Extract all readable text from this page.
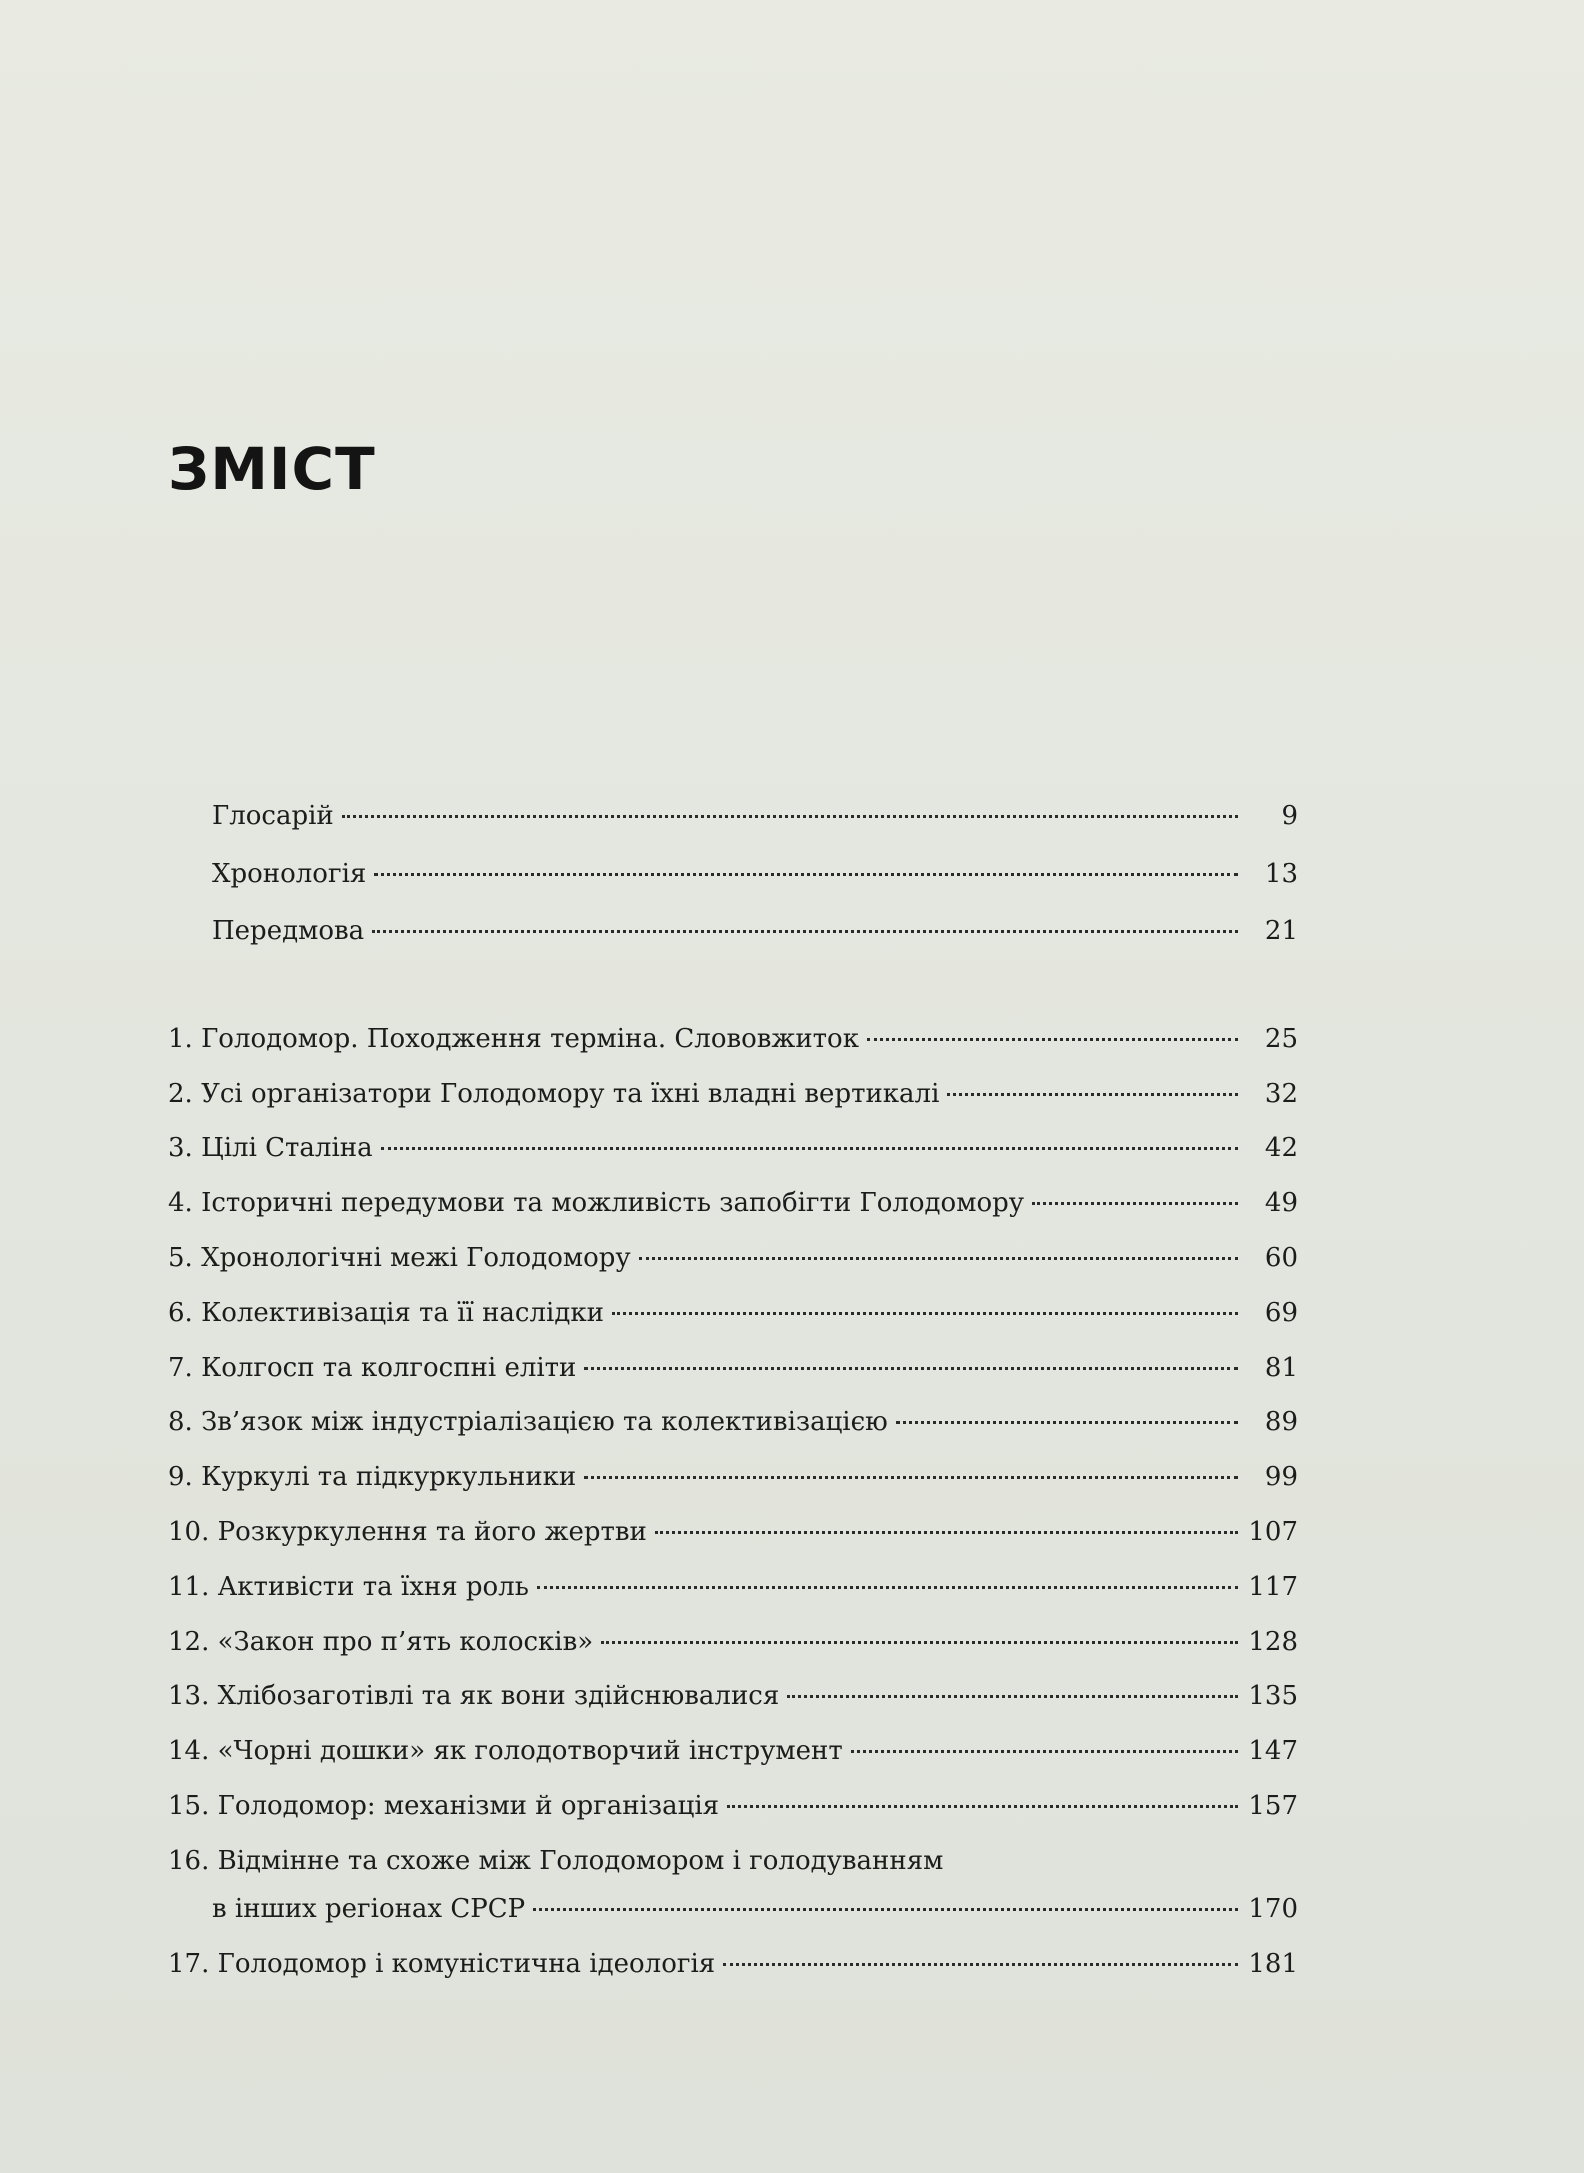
ЗМІСТ
Глосарій	9
Хронологія	13
Передмова	21
1. Голодомор. Походження терміна. Слововжиток	25
2. Усі організатори Голодомору та їхні владні вертикалі	32
3. Цілі Сталіна	42
4. Історичні передумови та можливість запобігти Голодомору	49
5. Хронологічні межі Голодомору	60
6. Колективізація та її наслідки	69
7. Колгосп та колгоспні еліти	81
8. Зв’язок між індустріалізацією та колективізацією	89
9. Куркулі та підкуркульники	99
10. Розкуркулення та його жертви	107
11. Активісти та їхня роль	117
12. «Закон про п’ять колосків»	128
13. Хлібозаготівлі та як вони здійснювалися	135
14. «Чорні дошки» як голодотворчий інструмент	147
15. Голодомор: механізми й організація	157
16. Відмінне та схоже між Голодомором і голодуванням
в інших регіонах СРСР	170
17. Голодомор і комуністична ідеологія	181
